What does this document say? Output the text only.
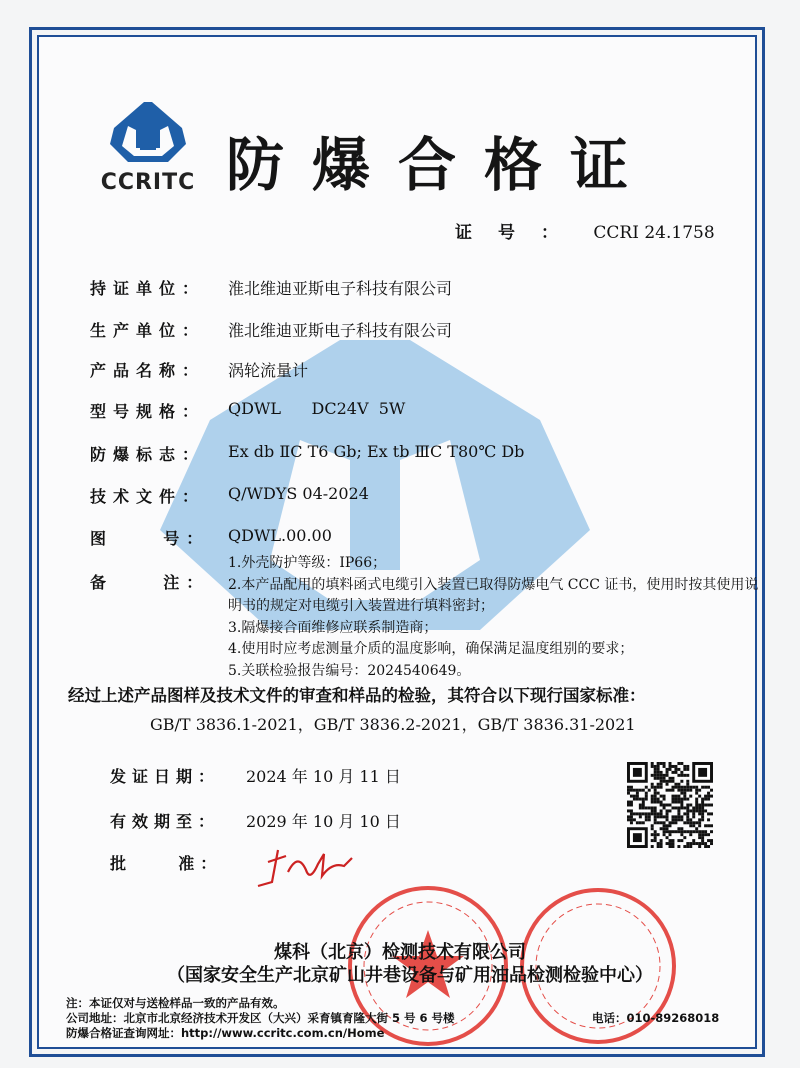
CCRITC 防爆合格证
证号： CCRI 24.1758
持证单位：	淮北维迪亚斯电子科技有限公司
生产单位：	淮北维迪亚斯电子科技有限公司
产品名称：	涡轮流量计
型号规格：	QDWL      DC24V  5W
防爆标志：	Ex db ⅡC T6 Gb; Ex tb ⅢC T80℃ Db
技术文件：	Q/WDYS 04-2024
图    号：	QDWL.00.00
备    注：
1.外壳防护等级：IP66；
2.本产品配用的填料函式电缆引入装置已取得防爆电气 CCC 证书，使用时按其使用说明书的规定对电缆引入装置进行填料密封；
3.隔爆接合面维修应联系制造商；
4.使用时应考虑测量介质的温度影响，确保满足温度组别的要求；
5.关联检验报告编号：2024540649。
经过上述产品图样及技术文件的审查和样品的检验，其符合以下现行国家标准：
GB/T 3836.1-2021，GB/T 3836.2-2021，GB/T 3836.31-2021
发证日期：	2024 年 10 月 11 日
有效期至：	2029 年 10 月 10 日
批    准：
煤科（北京）检测技术有限公司
（国家安全生产北京矿山井巷设备与矿用油品检测检验中心）
注：本证仅对与送检样品一致的产品有效。
公司地址：北京市北京经济技术开发区（大兴）采育镇育隆大街 5 号 6 号楼	电话：010-89268018
防爆合格证查询网址：http://www.ccritc.com.cn/Home
